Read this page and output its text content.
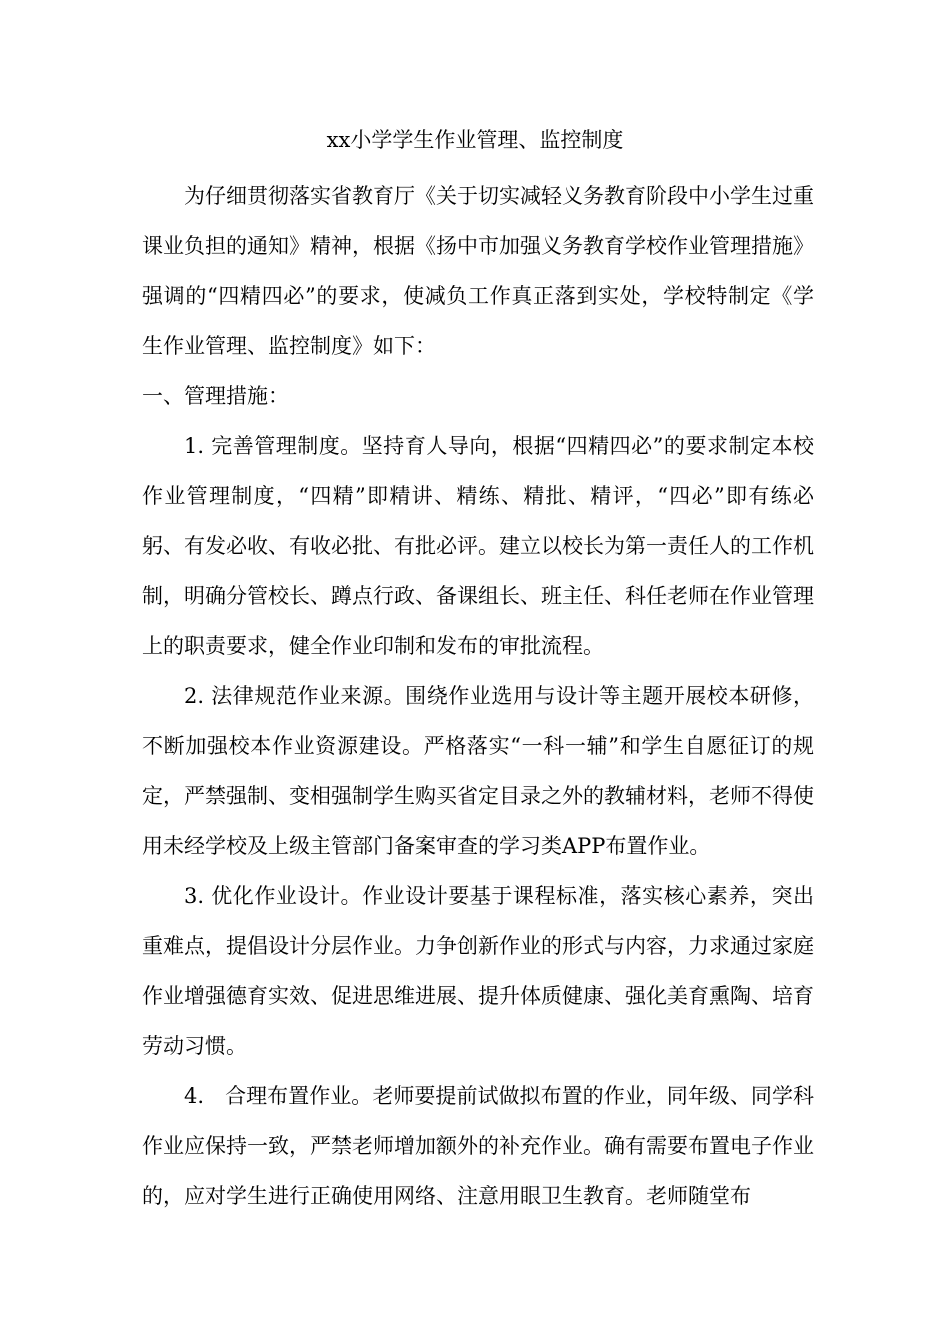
xx小学学生作业管理、监控制度

为仔细贯彻落实省教育厅《关于切实减轻义务教育阶段中小学生过重课业负担的通知》精神，根据《扬中市加强义务教育学校作业管理措施》强调的“四精四必”的要求，使减负工作真正落到实处，学校特制定《学生作业管理、监控制度》如下：

一、管理措施：

1. 完善管理制度。坚持育人导向，根据“四精四必”的要求制定本校作业管理制度，“四精”即精讲、精练、精批、精评，“四必”即有练必躬、有发必收、有收必批、有批必评。建立以校长为第一责任人的工作机制，明确分管校长、蹲点行政、备课组长、班主任、科任老师在作业管理上的职责要求，健全作业印制和发布的审批流程。

2. 法律规范作业来源。围绕作业选用与设计等主题开展校本研修，不断加强校本作业资源建设。严格落实“一科一辅”和学生自愿征订的规定，严禁强制、变相强制学生购买省定目录之外的教辅材料，老师不得使用未经学校及上级主管部门备案审查的学习类APP布置作业。

3. 优化作业设计。作业设计要基于课程标准，落实核心素养，突出重难点，提倡设计分层作业。力争创新作业的形式与内容，力求通过家庭作业增强德育实效、促进思维进展、提升体质健康、强化美育熏陶、培育劳动习惯。

4.　合理布置作业。老师要提前试做拟布置的作业，同年级、同学科作业应保持一致，严禁老师增加额外的补充作业。确有需要布置电子作业的，应对学生进行正确使用网络、注意用眼卫生教育。老师随堂布
